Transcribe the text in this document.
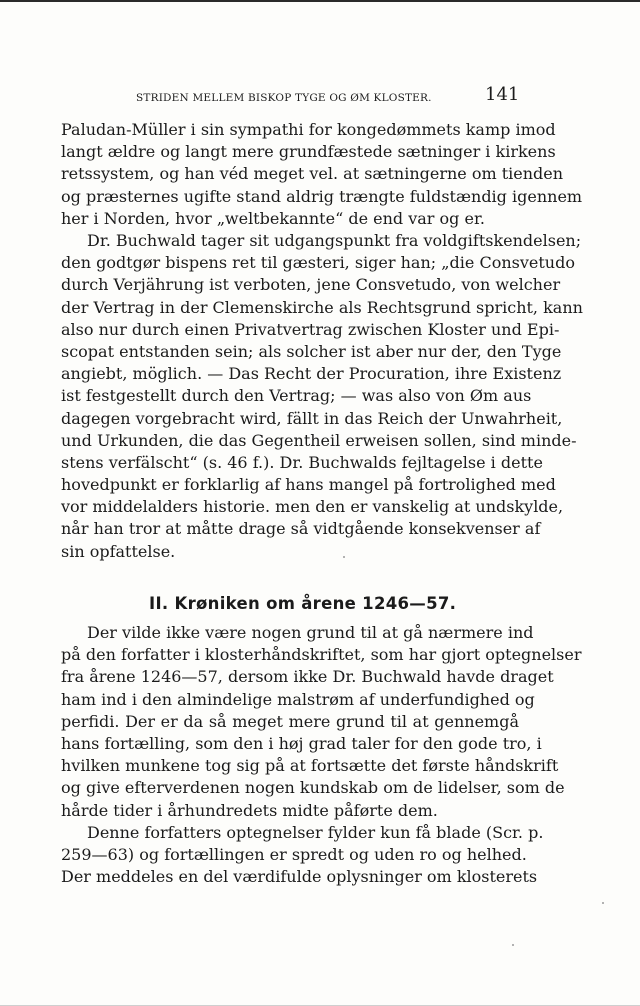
STRIDEN MELLEM BISKOP TYGE OG ØM KLOSTER.	141
Paludan-Müller i sin sympathi for kongedømmets kamp imod
langt ældre og langt mere grundfæstede sætninger i kirkens
retssystem, og han véd meget vel. at sætningerne om tienden
og præsternes ugifte stand aldrig trængte fuldstændig igennem
her i Norden, hvor „weltbekannte“ de end var og er.
Dr. Buchwald tager sit udgangspunkt fra voldgiftskendelsen;
den godtgør bispens ret til gæsteri, siger han; „die Consvetudo
durch Verjährung ist verboten, jene Consvetudo, von welcher
der Vertrag in der Clemenskirche als Rechtsgrund spricht, kann
also nur durch einen Privatvertrag zwischen Kloster und Epi-
scopat entstanden sein; als solcher ist aber nur der, den Tyge
angiebt, möglich. — Das Recht der Procuration, ihre Existenz
ist festgestellt durch den Vertrag; — was also von Øm aus
dagegen vorgebracht wird, fällt in das Reich der Unwahrheit,
und Urkunden, die das Gegentheil erweisen sollen, sind minde-
stens verfälscht“ (s. 46 f.). Dr. Buchwalds fejltagelse i dette
hovedpunkt er forklarlig af hans mangel på fortrolighed med
vor middelalders historie. men den er vanskelig at undskylde,
når han tror at måtte drage så vidtgående konsekvenser af
sin opfattelse.
II. Krøniken om årene 1246—57.
Der vilde ikke være nogen grund til at gå nærmere ind
på den forfatter i klosterhåndskriftet, som har gjort optegnelser
fra årene 1246—57, dersom ikke Dr. Buchwald havde draget
ham ind i den almindelige malstrøm af underfundighed og
perfidi. Der er da så meget mere grund til at gennemgå
hans fortælling, som den i høj grad taler for den gode tro, i
hvilken munkene tog sig på at fortsætte det første håndskrift
og give efterverdenen nogen kundskab om de lidelser, som de
hårde tider i århundredets midte påførte dem.
Denne forfatters optegnelser fylder kun få blade (Scr. p.
259—63) og fortællingen er spredt og uden ro og helhed.
Der meddeles en del værdifulde oplysninger om klosterets
